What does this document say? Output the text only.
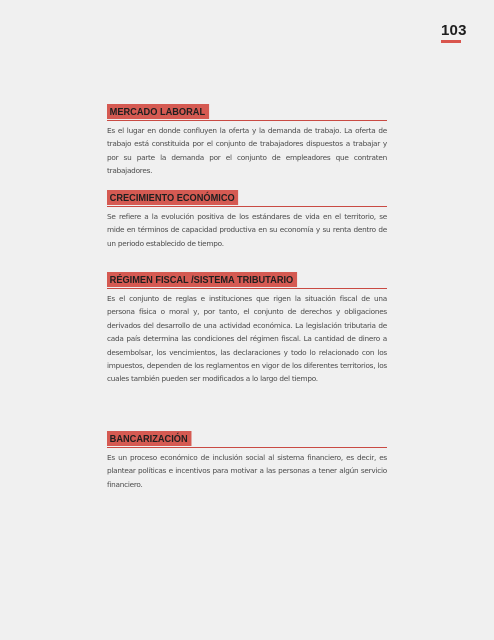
103
MERCADO LABORAL

Es el lugar en donde confluyen la oferta y la demanda de trabajo. La oferta de trabajo está constituida por el conjunto de trabajadores dispuestos a trabajar y por su parte la demanda por el conjunto de empleadores que contraten trabajadores.

CRECIMIENTO ECONÓMICO

Se refiere a la evolución positiva de los estándares de vida en el territorio, se mide en términos de capacidad productiva en su economía y su renta dentro de un periodo establecido de tiempo.

RÉGIMEN FISCAL /SISTEMA TRIBUTARIO

Es el conjunto de reglas e instituciones que rigen la situación fiscal de una persona física o moral y, por tanto, el conjunto de derechos y obligaciones derivados del desarrollo de una actividad económica. La legislación tributaria de cada país determina las condiciones del régimen fiscal. La cantidad de dinero a desembolsar, los vencimientos, las declaraciones y todo lo relacionado con los impuestos, dependen de los reglamentos en vigor de los diferentes territorios, los cuales también pueden ser modificados a lo largo del tiempo.

BANCARIZACIÓN

Es un proceso económico de inclusión social al sistema financiero, es decir, es plantear políticas e incentivos para motivar a las personas a tener algún servicio financiero.
